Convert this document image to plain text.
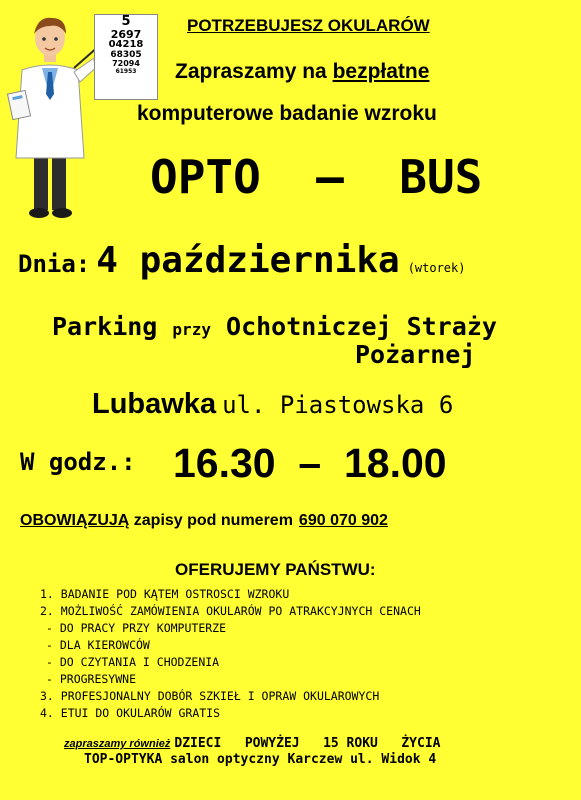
5
2697
04218
68305
72094
61953
POTRZEBUJESZ OKULARÓW
Zapraszamy na bezpłatne
komputerowe badanie wzroku
OPTO  –  BUS
Dnia: 4 października (wtorek)
Parking przy Ochotniczej Straży
Pożarnej
Lubawka ul. Piastowska 6
W godz.: 16.30  –  18.00
OBOWIĄZUJĄ zapisy pod numerem 690 070 902
OFERUJEMY PAŃSTWU:
1. BADANIE POD KĄTEM OSTROSCI WZROKU
2. MOŻLIWOŚĆ ZAMÓWIENIA OKULARÓW PO ATRAKCYJNYCH CENACH
- DO PRACY PRZY KOMPUTERZE
- DLA KIEROWCÓW
- DO CZYTANIA I CHODZENIA
- PROGRESYWNE
3. PROFESJONALNY DOBÓR SZKIEŁ I OPRAW OKULAROWYCH
4. ETUI DO OKULARÓW GRATIS
zapraszamy również DZIECI   POWYŻEJ   15 ROKU   ŻYCIA
TOP-OPTYKA salon optyczny Karczew ul. Widok 4
